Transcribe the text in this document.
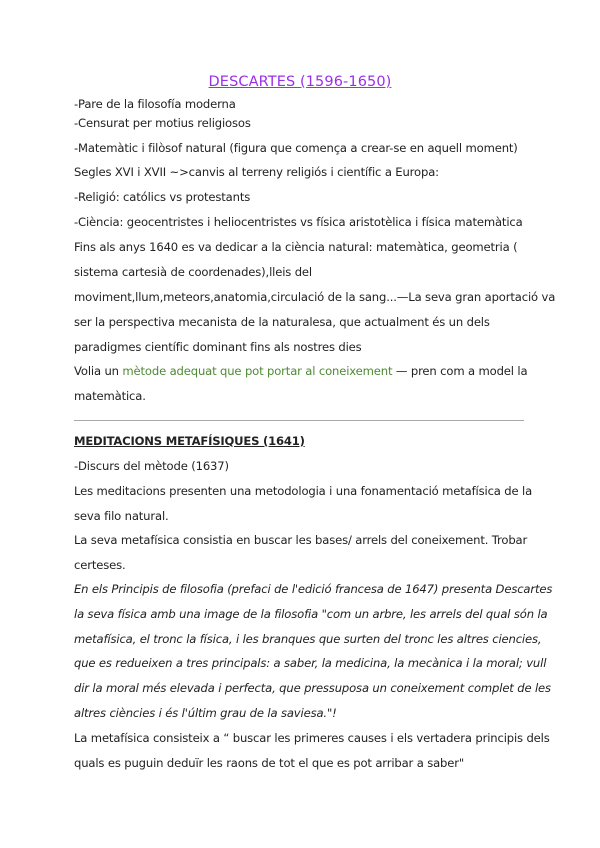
DESCARTES (1596-1650)
-Pare de la filosofía moderna
-Censurat per motius religiosos
-Matemàtic i filòsof natural (figura que comença a crear-se en aquell moment)
Segles XVI i XVII ~>canvis al terreny religiós i científic a Europa:
-Religió: católics vs protestants
-Ciència: geocentristes i heliocentristes vs física aristotèlica i física matemàtica
Fins als anys 1640 es va dedicar a la ciència natural: matemàtica, geometria (
sistema cartesià de coordenades),lleis del
moviment,llum,meteors,anatomia,circulació de la sang...—La seva gran aportació va
ser la perspectiva mecanista de la naturalesa, que actualment és un dels
paradigmes científic dominant fins als nostres dies
Volia un mètode adequat que pot portar al coneixement — pren com a model la
matemàtica.
MEDITACIONS METAFÍSIQUES (1641)
-Discurs del mètode (1637)
Les meditacions presenten una metodologia i una fonamentació metafísica de la
seva filo natural.
La seva metafísica consistia en buscar les bases/ arrels del coneixement. Trobar
certeses.
En els Principis de filosofia (prefaci de l'edició francesa de 1647) presenta Descartes
la seva física amb una image de la filosofia "com un arbre, les arrels del qual són la
metafísica, el tronc la física, i les branques que surten del tronc les altres ciencies,
que es redueixen a tres principals: a saber, la medicina, la mecànica i la moral; vull
dir la moral més elevada i perfecta, que pressuposa un coneixement complet de les
altres ciències i és l'últim grau de la saviesa."!
La metafísica consisteix a “ buscar les primeres causes i els vertadera principis dels
quals es puguin deduïr les raons de tot el que es pot arribar a saber"
